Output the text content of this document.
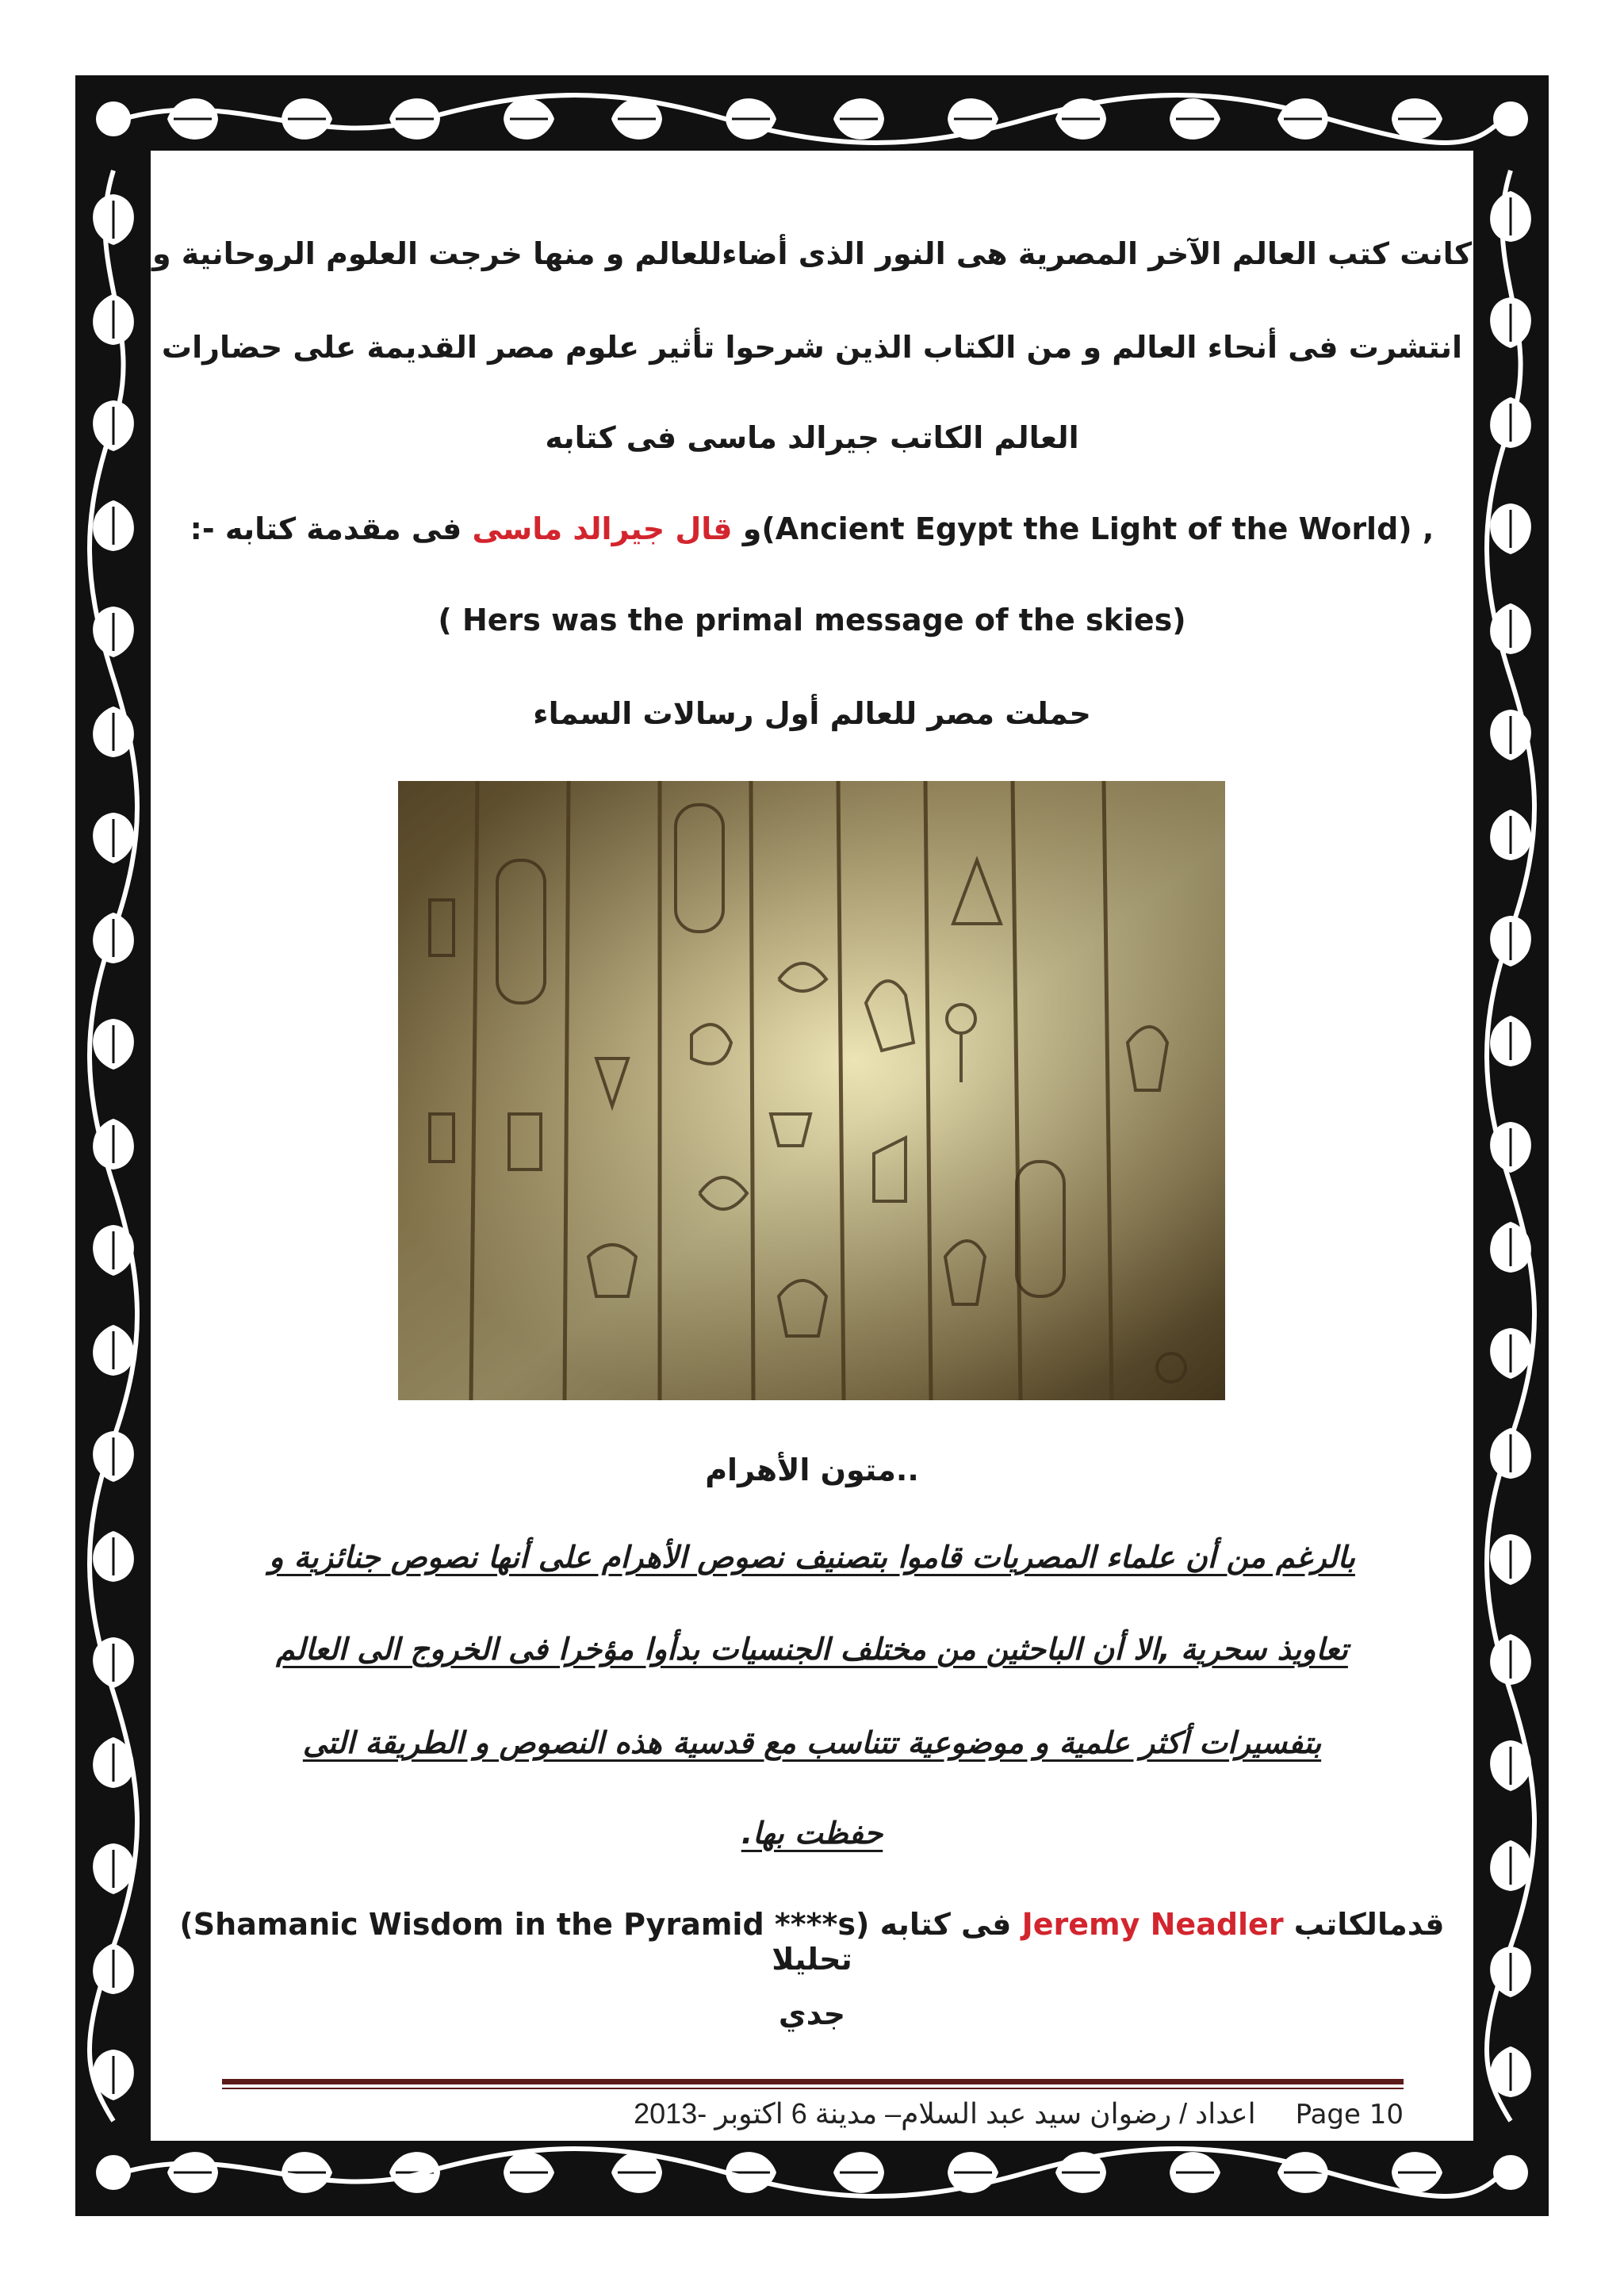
كانت كتب العالم الآخر المصرية هى النور الذى أضاءللعالم و منها خرجت العلوم الروحانية و
انتشرت فى أنحاء العالم و من الكتاب الذين شرحوا تأثير علوم مصر القديمة على حضارات
العالم الكاتب جيرالد ماسى فى كتابه
(Ancient Egypt the Light of the World) ,و قال جيرالد ماسى فى مقدمة كتابه -:
( Hers was the primal message of the skies)
حملت مصر للعالم أول رسالات السماء
..متون الأهرام
بالرغم من أن علماء المصريات قاموا بتصنيف نصوص الأهرام على أنها نصوص جنائزية و
تعاويذ سحرية ,الا أن الباحثين من مختلف الجنسيات بدأوا مؤخرا فى الخروج الى العالم
بتفسيرات أكثر علمية و موضوعية تتناسب مع قدسية هذه النصوص و الطريقة التى
حفظت بها.
قدمالكاتب Jeremy Neadler فى كتابه (Shamanic Wisdom in the Pyramid ****s) تحليلا
جدي
Page 10  اعداد / رضوان سيد عبد السلام– مدينة 6 اكتوبر -2013
